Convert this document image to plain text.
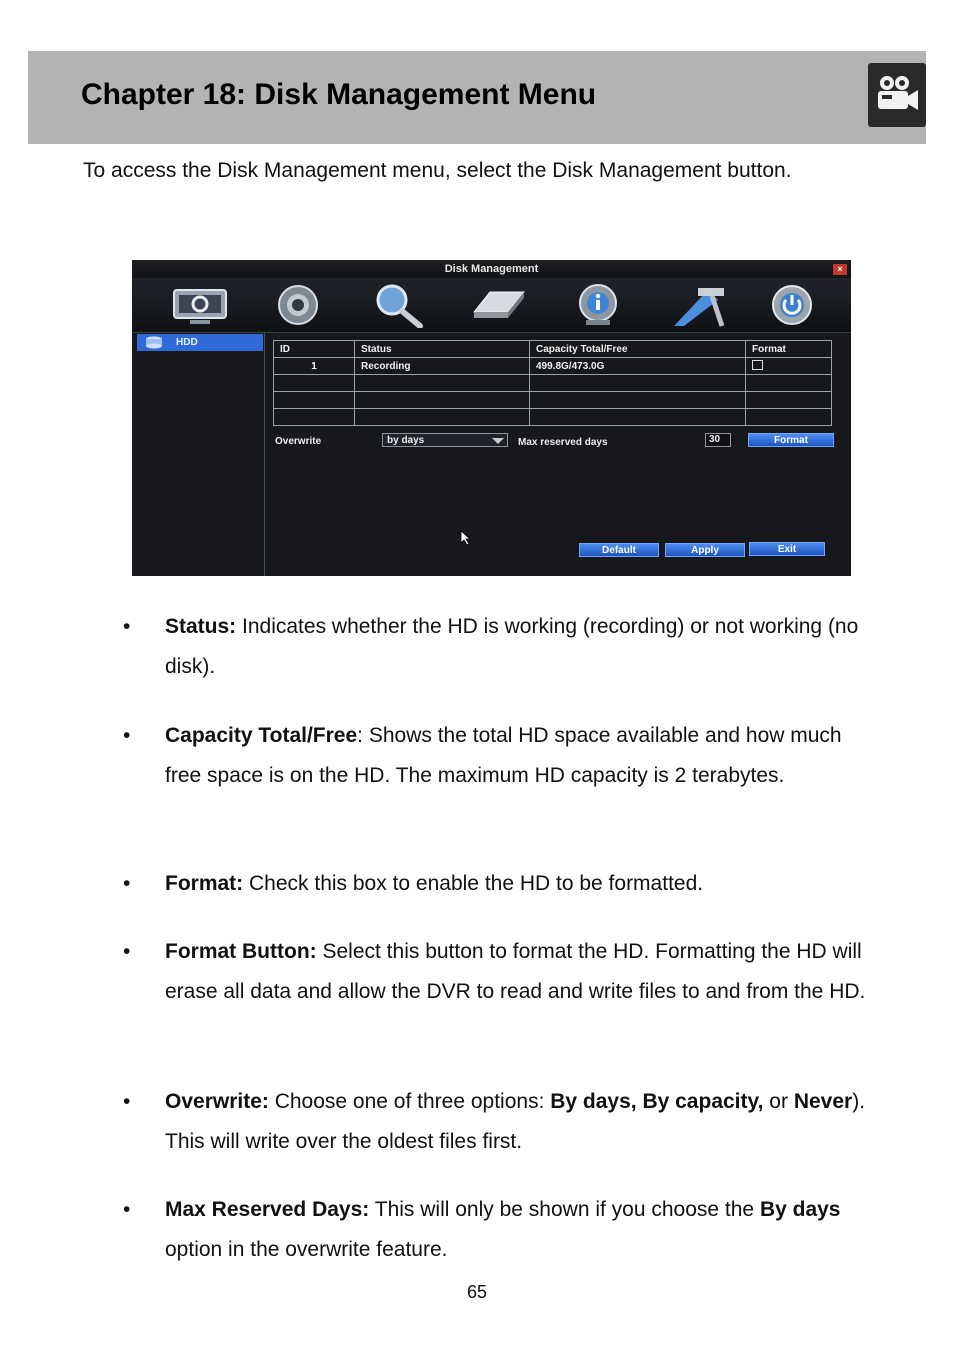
Chapter 18: Disk Management Menu
To access the Disk Management menu, select the Disk Management button.
Disk Management	×
HDD
ID	Status	Capacity Total/Free	Format
1	Recording	499.8G/473.0G	

Overwrite	by days	Max reserved days	30	Format
Default	Apply	Exit
• Status: Indicates whether the HD is working (recording) or not working (no disk).
• Capacity Total/Free: Shows the total HD space available and how much free space is on the HD. The maximum HD capacity is 2 terabytes.
• Format: Check this box to enable the HD to be formatted.
• Format Button: Select this button to format the HD. Formatting the HD will erase all data and allow the DVR to read and write files to and from the HD.
• Overwrite: Choose one of three options: By days, By capacity, or Never). This will write over the oldest files first.
• Max Reserved Days: This will only be shown if you choose the By days option in the overwrite feature.
65
